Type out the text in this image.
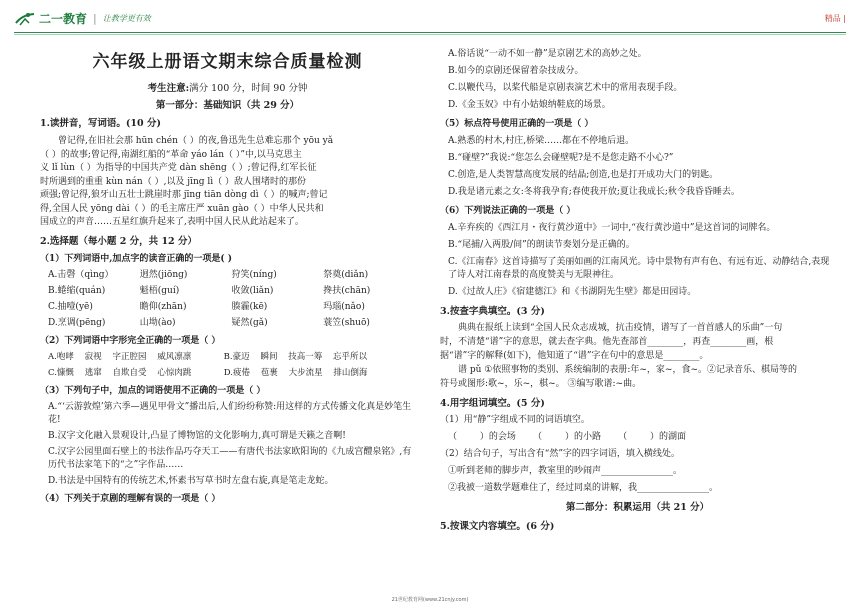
二一教育 | 让教学更有效	精品 |
六年级上册语文期末综合质量检测
考生注意:满分 100 分，时间 90 分钟
第一部分：基础知识（共 29 分）
1.读拼音，写词语。(10 分)
曾记得,在旧社会那 hūn chén（ ）的夜,鲁迅先生总难忘那个 yōu yǎ
（ ）的故事;曾记得,南湖红船的“革命 yáo lán（ ）”中,以马克思主
义 lǐ lùn（ ）为指导的中国共产党 dàn shēng（ ）;曾记得,红军长征
时所遇到的重重 kùn nán（ ）,以及 jīng lì（ ）敌人围堵时的那份
顽强;曾记得,狼牙山五壮士跳崖时那 jīng tiān dòng dì（ ）的喊声;曾记
得,全国人民 yōng dài（ ）的毛主席庄严 xuān gào（ ）中华人民共和
国成立的声音……五星红旗升起来了,表明中国人民从此站起来了。
2.选择题（每小题 2 分，共 12 分）
（1）下列词语中,加点字的读音正确的一项是( )
A.击磬（qìng）	迥然(jiōng)	狩笑(níng)	祭奠(diǎn)
B.蜷缩(quán)	魁梧(guí)	收敛(liǎn)	搀扶(chān)
C.抽噎(yē)	瞻仰(zhān)	腠霾(kē)	玛瑙(nǎo)
D.烹调(pēng)	山坳(ào)	疑然(gǎ)	蓑笠(shuō)
（2）下列词语中字形完全正确的一项是（ ）
A.咆哮    寂视    字正腔园    威风凛凛            B.豪迈    瞬间    技高一筹    忘乎所以
C.慷慨    逃窜    自欺自受    心惊肉跳            D.疲倦    苞裹    大步流星    排山倒海
（3）下列句子中，加点的词语使用不正确的一项是（ ）
A.“‘云游敦煌’第六季—遇见甲骨文”播出后,人们纷纷称赞:用这样的方式传播文化真是妙笔生花!
B.汉字文化融入景观设计,凸显了博物馆的文化影响力,真可谓是天籁之音啊!
C.汉字公园里面石壁上的书法作品巧夺天工——有唐代书法家欧阳询的《九成宫醴泉铭》,有历代书法家笔下的“之”字作品……
D.书法是中国特有的传统艺术,怀素书写草书时左盘右旋,真是笔走龙蛇。
（4）下列关于京剧的理解有误的一项是（ ）
A.俗话说“一动不如一静”是京剧艺术的高妙之处。
B.如今的京剧还保留着杂技成分。
C.以鞭代马，以桨代船是京剧表演艺术中的常用表现手段。
D.《金玉奴》中有小姑娘纳鞋底的场景。
（5）标点符号使用正确的一项是（ ）
A.熟悉的村木,村庄,桥梁……都在不停地后退。
B.“碰壁?”我说:“您怎么会碰壁呢?是不是您走路不小心?”
C.创造,是人类智慧高度发展的结晶;创造,也是打开成功大门的钥匙。
D.我是诸元素之女:冬将我孕育;春使我开放;夏让我成长;秋令我昏昏睡去。
（6）下列说法正确的一项是（ ）
A.辛弃疾的《西江月・夜行黄沙道中》一词中,“夜行黄沙道中”是这首词的词牌名。
B.“尾捕/入两股/间”的朗读节奏划分是正确的。
C.《江南春》这首诗描写了美丽如画的江南风光。诗中景物有声有色、有远有近、动静结合,表现了诗人对江南春景的高度赞美与无限神往。
D.《过故人庄》《宿建德江》和《书湖阴先生壁》都是田园诗。
3.按查字典填空。(3 分)
典典在报纸上读到“全国人民众志成城，抗击疫情，谱写了一首首感人的乐曲”一句
时，不清楚“谱”字的意思，就去查字典。他先查部首________，再查________画，根
据“谱”字的解释(如下)，他知道了“谱”字在句中的意思是________。
谱 pǔ ①依照事物的类别、系统编制的表册:年~，家~，食~。②记录音乐、棋局等的
符号或图形:歌~，乐~，棋~。 ③编写歌谱:~曲。
4.用字组词填空。(5 分)
（1）用“静”字组成不同的词语填空。
（        ）的会场      （        ）的小路      （        ）的湖面
（2）结合句子，写出含有“然”字的四字词语，填入横线处。
①听到老师的脚步声，教室里的吵闹声________________。
②我被一道数学题难住了，经过同桌的讲解，我________________。
第二部分：积累运用（共 21 分）
5.按课文内容填空。(6 分)
21世纪教育网(www.21cnjy.com)
